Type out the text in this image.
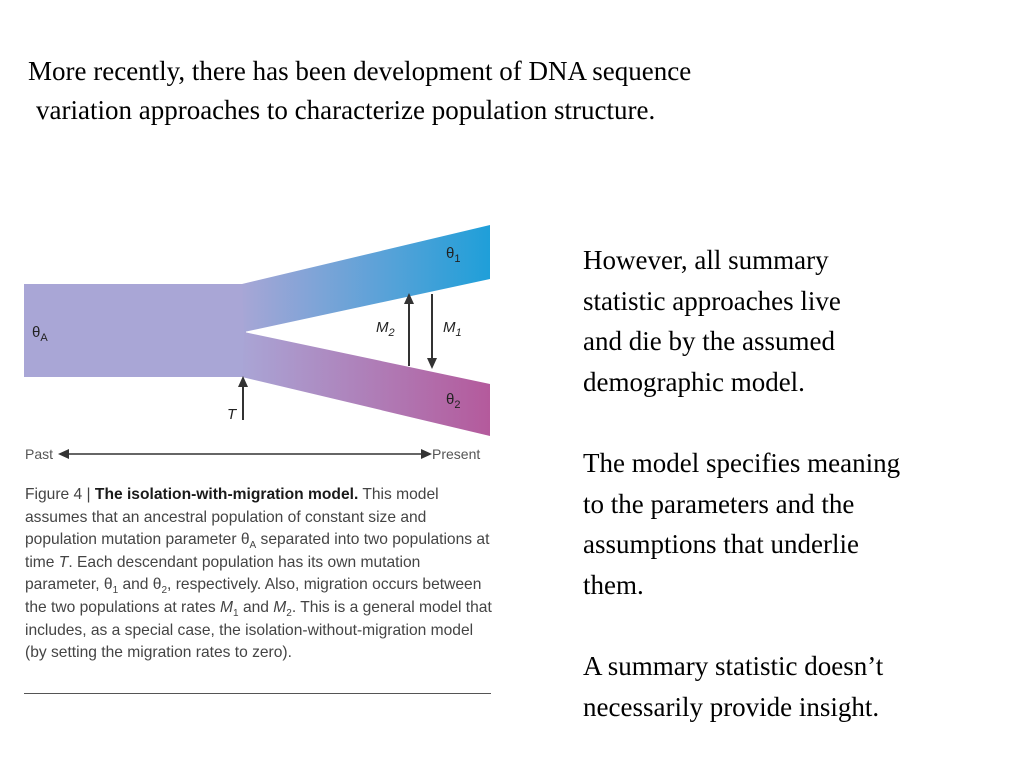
More recently, there has been development of DNA sequence
variation approaches to characterize population structure.
$\theta_A$
$\theta_1$
$\theta_2$
$M_2$	$M_1$
T
Past	Present
Figure 4 | The isolation-with-migration model. This model assumes that an ancestral population of constant size and population mutation parameter $\theta_A$ separated into two populations at time T. Each descendant population has its own mutation parameter, $\theta_1$ and $\theta_2$, respectively. Also, migration occurs between the two populations at rates $M_1$ and $M_2$. This is a general model that includes, as a special case, the isolation-without-migration model (by setting the migration rates to zero).

However, all summary
statistic approaches live
and die by the assumed
demographic model.

The model specifies meaning
to the parameters and the
assumptions that underlie
them.

A summary statistic doesn’t
necessarily provide insight.
